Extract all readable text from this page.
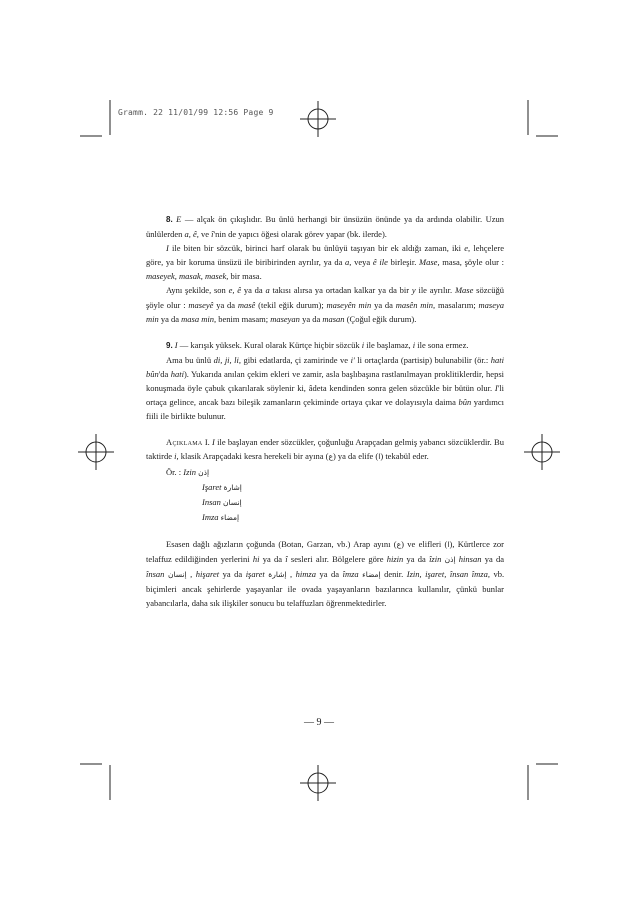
Gramm. 22 11/01/99 12:56 Page 9

8. E — alçak ön çıkışlıdır. Bu ünlü herhangi bir ünsüzün önünde ya da ardında olabilir. Uzun ünlülerden a, ê, ve î'nin de yapıcı öğesi olarak görev yapar (bk. ilerde).

I ile biten bir sözcük, birinci harf olarak bu ünlüyü taşıyan bir ek aldığı zaman, iki e, lehçelere göre, ya bir koruma ünsüzü ile biribirinden ayrılır, ya da a, veya ê ile birleşir. Mase, masa, şöyle olur : maseyek, masak, masek, bir masa.

Aynı şekilde, son e, ê ya da a takısı alırsa ya ortadan kalkar ya da bir y ile ayrılır. Mase sözcüğü şöyle olur : maseyê ya da masê (tekil eğik durum); maseyên min ya da masên min, masalarım; maseya min ya da masa min, benim masam; maseyan ya da masan (Çoğul eğik durum).

9. I — karışık yüksek. Kural olarak Kürtçe hiçbir sözcük i ile başlamaz, i ile sona ermez.

Ama bu ünlü di, ji, li, gibi edatlarda, çi zamirinde ve i' li ortaçlarda (partisip) bulunabilir (ör.: hati bûn'da hati). Yukarıda anılan çekim ekleri ve zamir, asla başlıbaşına rastlanılmayan proklitiklerdir, hepsi konuşmada öyle çabuk çıkarılarak söylenir ki, âdeta kendinden sonra gelen sözcükle bir bütün olur. I'li ortaça gelince, ancak bazı bileşik zamanların çekiminde ortaya çıkar ve dolayısıyla daima bûn yardımcı fiili ile birlikte bulunur.

Açıklama I. I ile başlayan ender sözcükler, çoğunluğu Arapçadan gelmiş yabancı sözcüklerdir. Bu taktirde i, klasik Arapçadaki kesra herekeli bir ayına (ع) ya da elife (ا) tekabül eder.

Ör. : Izin إذن
Işaret إشارة
Insan إنسان
Imza إمضاء

Esasen dağlı ağızların çoğunda (Botan, Garzan, vb.) Arap ayını (ع) ve elifleri (ا), Kürtlerce zor telaffuz edildiğinden yerlerini hi ya da î sesleri alır. Bölgelere göre hizin ya da îzin إذن hinsan ya da însan إنسان , hişaret ya da işaret إشارة , himza ya da îmza إمضاء denir. Izin, işaret, însan îmza, vb. biçimleri ancak şehirlerde yaşayanlar ile ovada yaşayanların bazılarınca kullanılır, çünkü bunlar yabancılarla, daha sık ilişkiler sonucu bu telaffuzları öğrenmektedirler.

— 9 —
